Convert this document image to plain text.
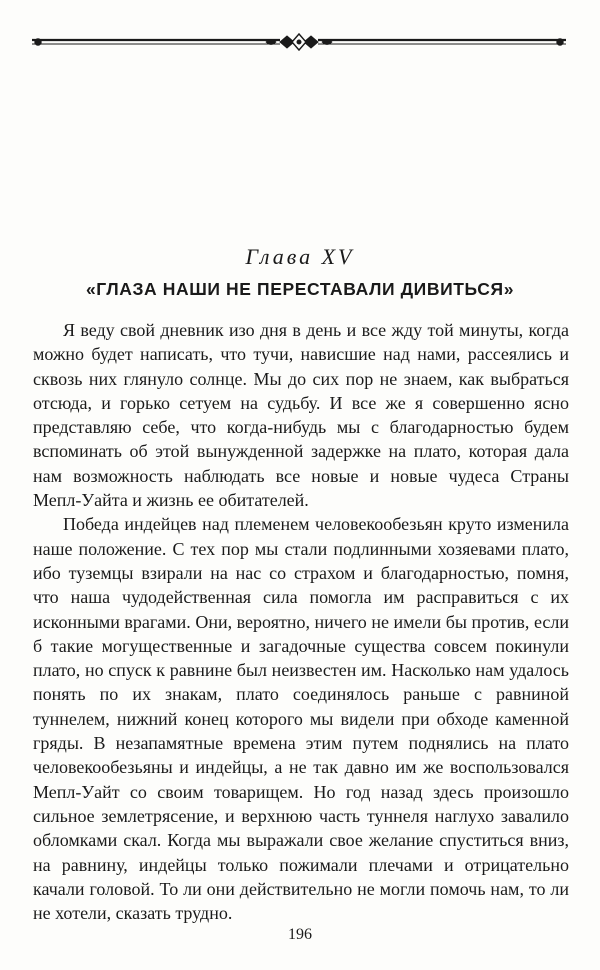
Глава XV
«ГЛАЗА НАШИ НЕ ПЕРЕСТАВАЛИ ДИВИТЬСЯ»

Я веду свой дневник изо дня в день и все жду той минуты, когда можно будет написать, что тучи, нависшие над нами, рассеялись и сквозь них глянуло солнце. Мы до сих пор не знаем, как выбраться отсюда, и горько сетуем на судьбу. И все же я совершенно ясно представляю себе, что когда-нибудь мы с благодарностью будем вспоминать об этой вынужденной задержке на плато, которая дала нам возможность наблюдать все новые и новые чудеса Страны Мепл-Уайта и жизнь ее обитателей.

Победа индейцев над племенем человекообезьян круто изменила наше положение. С тех пор мы стали подлинными хозяевами плато, ибо туземцы взирали на нас со страхом и благодарностью, помня, что наша чудодейственная сила помогла им расправиться с их исконными врагами. Они, вероятно, ничего не имели бы против, если б такие могущественные и загадочные существа совсем покинули плато, но спуск к равнине был неизвестен им. Насколько нам удалось понять по их знакам, плато соединялось раньше с равниной туннелем, нижний конец которого мы видели при обходе каменной гряды. В незапамятные времена этим путем поднялись на плато человекообезьяны и индейцы, а не так давно им же воспользовался Мепл-Уайт со своим товарищем. Но год назад здесь произошло сильное землетрясение, и верхнюю часть туннеля наглухо завалило обломками скал. Когда мы выражали свое желание спуститься вниз, на равнину, индейцы только пожимали плечами и отрицательно качали головой. То ли они действительно не могли помочь нам, то ли не хотели, сказать трудно.

196
